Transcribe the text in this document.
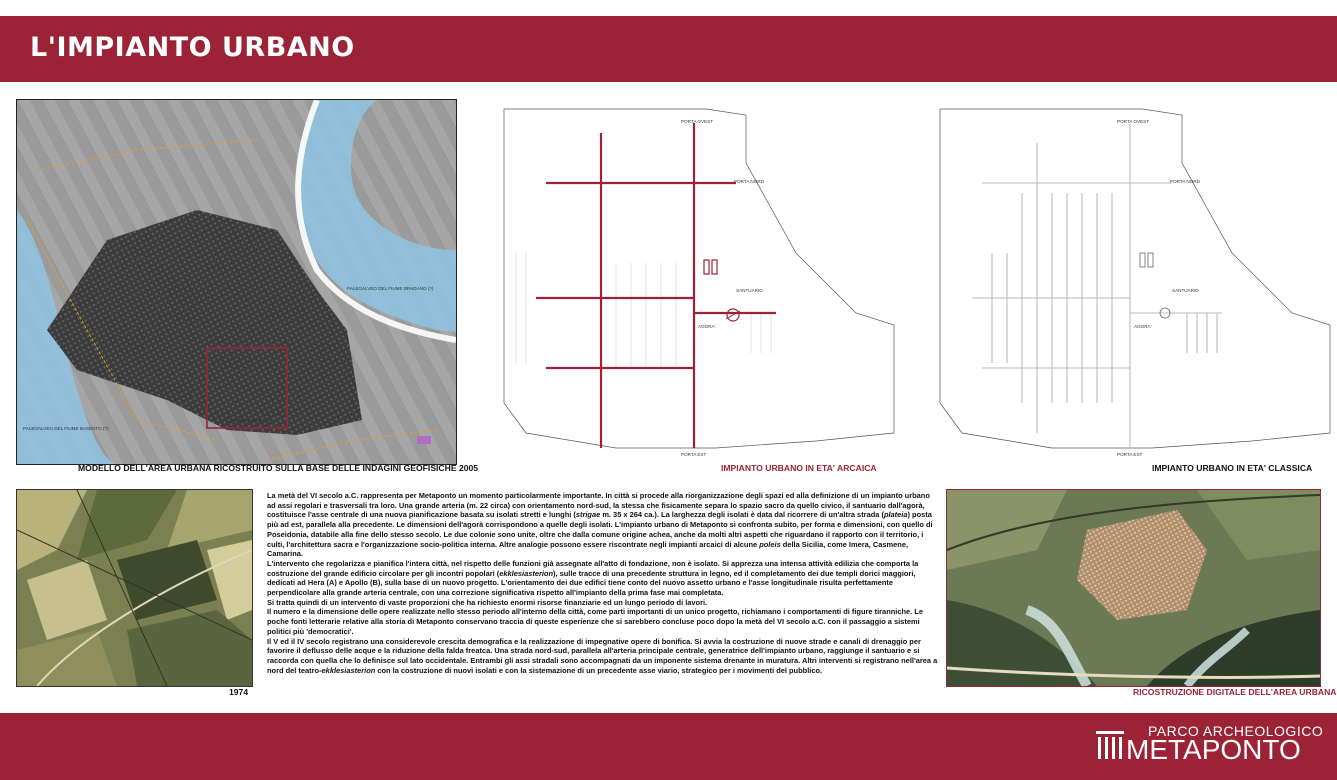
L'IMPIANTO URBANO
PALEOALVEO DEL FIUME BRADANO (?)
PALEOALVEO DEL FIUME BASENTO (?)
CASTRUM ROMANO
MODELLO DELL'AREA URBANA RICOSTRUITO SULLA BASE DELLE INDAGINI GEOFISICHE 2005
PORTA OVEST
PORTA NORD
SANTUARIO
AGORA'
PORTA EST
IMPIANTO URBANO IN ETA' ARCAICA
PORTA OVEST
PORTA NORD
SANTUARIO
AGORA'
PORTA EST
IMPIANTO URBANO IN ETA' CLASSICA
1974

La metà del VI secolo a.C. rappresenta per Metaponto un momento particolarmente importante. In città si procede alla riorganizzazione degli spazi ed alla definizione di un impianto urbano ad assi regolari e trasversali tra loro. Una grande arteria (m. 22 circa) con orientamento nord-sud, la stessa che fisicamente separa lo spazio sacro da quello civico, il santuario dall'agorà, costituisce l'asse centrale di una nuova pianificazione basata su isolati stretti e lunghi (strigae m. 35 x 264 ca.). La larghezza degli isolati è data dal ricorrere di un'altra strada (plateia) posta più ad est, parallela alla precedente. Le dimensioni dell'agorà corrispondono a quelle degli isolati. L'impianto urbano di Metaponto si confronta subito, per forma e dimensioni, con quello di Poseidonia, databile alla fine dello stesso secolo. Le due colonie sono unite, oltre che dalla comune origine achea, anche da molti altri aspetti che riguardano il rapporto con il territorio, i culti, l'architettura sacra e l'organizzazione socio-politica interna. Altre analogie possono essere riscontrate negli impianti arcaici di alcune poleis della Sicilia, come Imera, Casmene, Camarina.

L'intervento che regolarizza e pianifica l'intera città, nel rispetto delle funzioni già assegnate all'atto di fondazione, non è isolato. Si apprezza una intensa attività edilizia che comporta la costruzione del grande edificio circolare per gli incontri popolari (ekklesiasterion), sulle tracce di una precedente struttura in legno, ed il completamento dei due templi dorici maggiori, dedicati ad Hera (A) e Apollo (B), sulla base di un nuovo progetto. L'orientamento dei due edifici tiene conto del nuovo assetto urbano e l'asse longitudinale risulta perfettamente perpendicolare alla grande arteria centrale, con una correzione significativa rispetto all'impianto della prima fase mai completata.

Si tratta quindi di un intervento di vaste proporzioni che ha richiesto enormi risorse finanziarie ed un lungo periodo di lavori.

Il numero e la dimensione delle opere realizzate nello stesso periodo all'interno della città, come parti importanti di un unico progetto, richiamano i comportamenti di figure tiranniche. Le poche fonti letterarie relative alla storia di Metaponto conservano traccia di queste esperienze che si sarebbero concluse poco dopo la metà del VI secolo a.C. con il passaggio a sistemi politici più 'democratici'.

Il V ed il IV secolo registrano una considerevole crescita demografica e la realizzazione di impegnative opere di bonifica. Si avvia la costruzione di nuove strade e canali di drenaggio per favorire il deflusso delle acque e la riduzione della falda freatca. Una strada nord-sud, parallela all'arteria principale centrale, generatrice dell'impianto urbano, raggiunge il santuario e si raccorda con quella che lo definisce sul lato occidentale. Entrambi gli assi stradali sono accompagnati da un imponente sistema drenante in muratura. Altri interventi si registrano nell'area a nord del teatro-ekklesiasterion con la costruzione di nuovi isolati e con la sistemazione di un precedente asse viario, strategico per i movimenti del pubblico.

RICOSTRUZIONE DIGITALE DELL'AREA URBANA
PARCO ARCHEOLOGICO
METAPONTO
